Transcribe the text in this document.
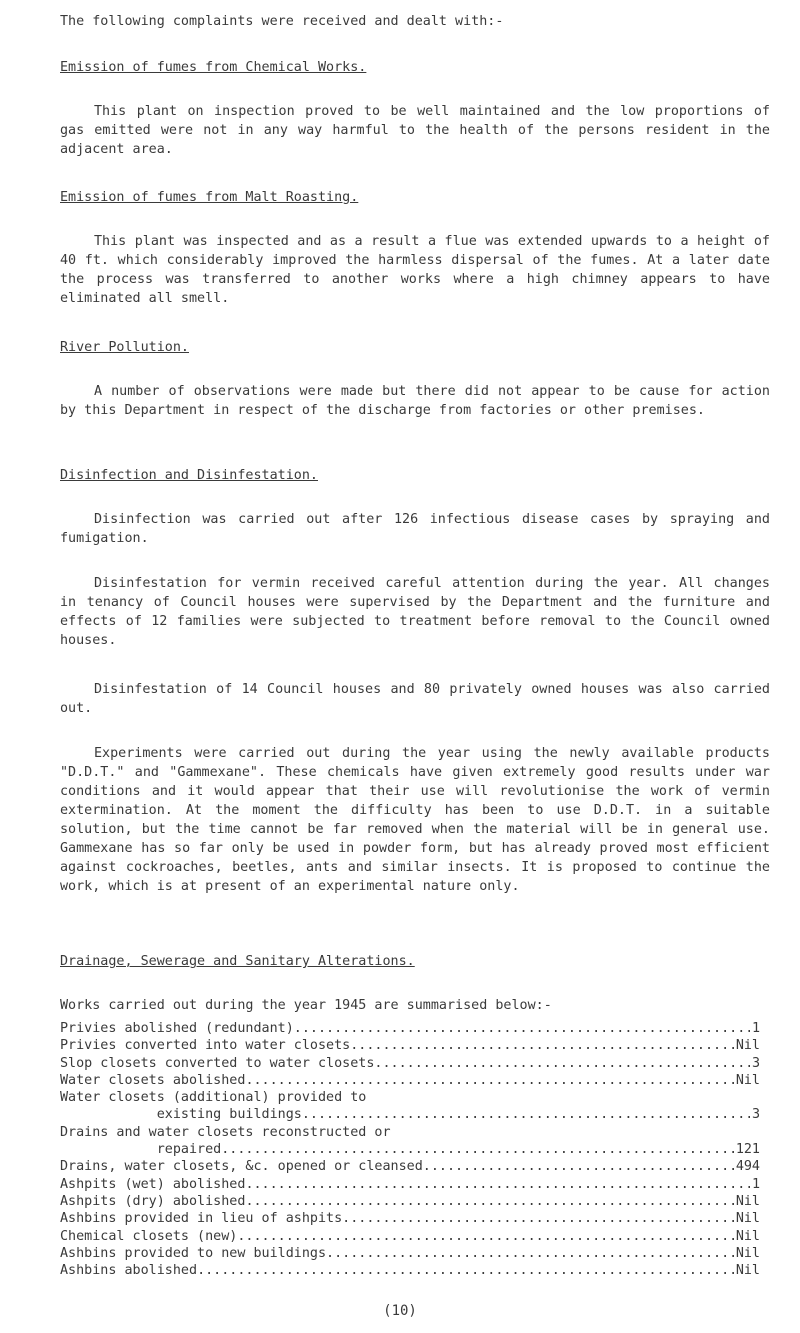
The following complaints were received and dealt with:-
Emission of fumes from Chemical Works.

This plant on inspection proved to be well maintained and the low proportions of gas emitted were not in any way harmful to the health of the persons resident in the adjacent area.

Emission of fumes from Malt Roasting.

This plant was inspected and as a result a flue was extended upwards to a height of 40 ft. which considerably improved the harmless dispersal of the fumes. At a later date the process was transferred to another works where a high chimney appears to have eliminated all smell.

River Pollution.

A number of observations were made but there did not appear to be cause for action by this Department in respect of the discharge from factories or other premises.

Disinfection and Disinfestation.

Disinfection was carried out after 126 infectious disease cases by spraying and fumigation.

Disinfestation for vermin received careful attention during the year. All changes in tenancy of Council houses were supervised by the Department and the furniture and effects of 12 families were subjected to treatment before removal to the Council owned houses.

Disinfestation of 14 Council houses and 80 privately owned houses was also carried out.

Experiments were carried out during the year using the newly available products "D.D.T." and "Gammexane". These chemicals have given extremely good results under war conditions and it would appear that their use will revolutionise the work of vermin extermination. At the moment the difficulty has been to use D.D.T. in a suitable solution, but the time cannot be far removed when the material will be in general use. Gammexane has so far only be used in powder form, but has already proved most efficient against cockroaches, beetles, ants and similar insects. It is proposed to continue the work, which is at present of an experimental nature only.

Drainage, Sewerage and Sanitary Alterations.
Works carried out during the year 1945 are summarised below:-
Privies abolished (redundant) .....	1
Privies converted into water closets .....	Nil
Slop closets converted to water closets .....	3
Water closets abolished .....	Nil
Water closets (additional) provided to
existing buildings .....	3
Drains and water closets reconstructed or
repaired .....	121
Drains, water closets, &c. opened or cleansed .....	494
Ashpits (wet) abolished .....	1
Ashpits (dry) abolished .....	Nil
Ashbins provided in lieu of ashpits .....	Nil
Chemical closets (new) .....	Nil
Ashbins provided to new buildings .....	Nil
Ashbins abolished .....	Nil
(10)
